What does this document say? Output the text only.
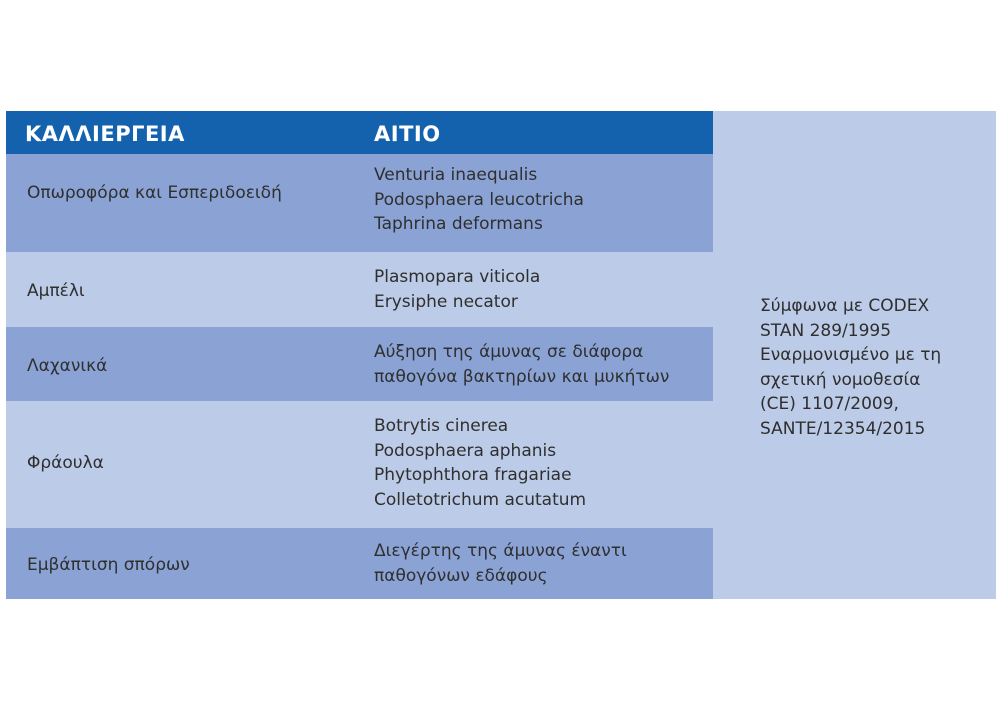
ΚΑΛΛΙΕΡΓΕΙΑ	ΑΙΤΙΟ
Οπωροφόρα και Εσπεριδοειδή
Venturia inaequalis
Podosphaera leucotricha
Taphrina deformans
Αμπέλι
Plasmopara viticola
Erysiphe necator
Λαχανικά
Αύξηση της άμυνας σε διάφορα
παθογόνα βακτηρίων και μυκήτων
Φράουλα
Botrytis cinerea
Podosphaera aphanis
Phytophthora fragariae
Colletotrichum acutatum
Εμβάπτιση σπόρων
Διεγέρτης της άμυνας έναντι
παθογόνων εδάφους
Σύμφωνα με CODEX
STAN 289/1995
Εναρμονισμένο με τη
σχετική νομοθεσία
(CE) 1107/2009,
SANTE/12354/2015
